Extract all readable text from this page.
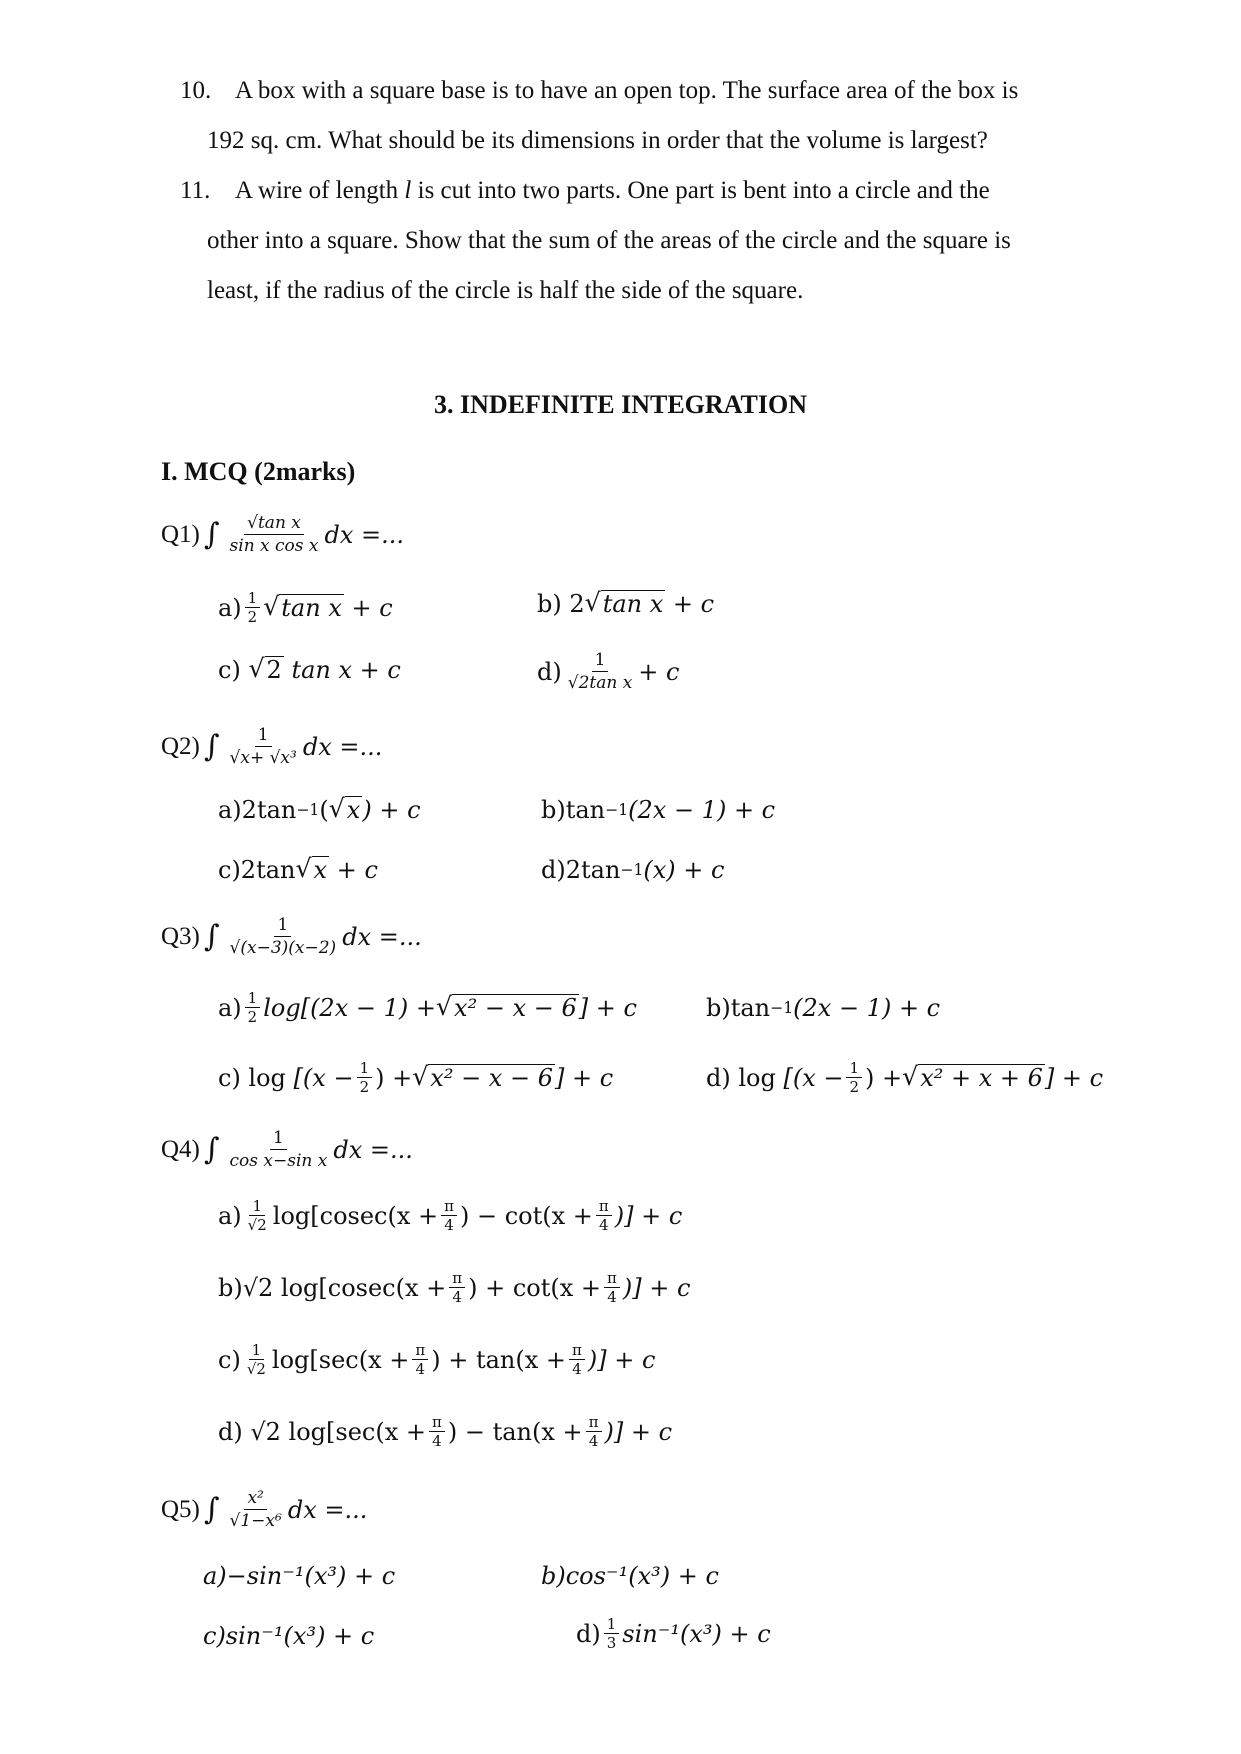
10. A box with a square base is to have an open top. The surface area of the box is
192 sq. cm. What should be its dimensions in order that the volume is largest?
11. A wire of length l is cut into two parts. One part is bent into a circle and the
other into a square. Show that the sum of the areas of the circle and the square is
least, if the radius of the circle is half the side of the square.
3. INDEFINITE INTEGRATION
I. MCQ (2marks)
Q1) ∫ $\frac{\text{√tan x}}{\text{sin x cos x}}$ dx =...
$a) \frac{1}{2}$ √ tan x
+ c	b) 2 √ tan x
+ c
c)
√ 2
tan x + c	$d) \frac{1}{\text{√2tan x}} + c$
Q2) ∫ $\frac{1}{\text{√x+ √x³}}$ dx =...
a)2tan −1 ( √ x ) + c	b)tan −1 (2x − 1) + c
c)2tan √ x
+ c	d)2tan −1 (x) + c
Q3) ∫ $\frac{1}{√(x-3)(x-2)}$ dx =...
$a) \frac{1}{2} \log[(2x - 1)$ + √ x² − x − 6 ] + c	b)tan −1 (2x − 1) + c
c) log
[($x - \frac{1}{2}$ ) + √ x² − x − 6 ] + c	d) log
[($x - \frac{1}{2}$ ) + √ x² + x + 6 ] + c
Q4) ∫ $\frac{1}{\text{cos x−sin x}}$ dx =...
$a) \frac{1}{√2} \log[cosec(x + \frac{\pi}{4}$ ) − $\cot(x + \frac{\pi}{4}$ )] + c
b)√2 $\log [cosec(x + \frac{\pi}{4}$ ) + $\cot(x + \frac{\pi}{4}$ )] + c
$c) \frac{1}{√2} \log[\sec(x + \frac{\pi}{4}$ ) + $\tan(x + \frac{\pi}{4}$ )] + c
d) √2 $\log [\sec(x + \frac{\pi}{4}$ ) − $\tan(x + \frac{\pi}{4}$ )] + c
Q5) ∫ $\frac{\text{x²}}{\text{√1−x⁶}}$ dx =...
a)−sin⁻¹(x³) + c	b)cos⁻¹(x³) + c
c)sin⁻¹(x³) + c	$d) \frac{1}{3} \sin^{-1}(x^3) + c$
